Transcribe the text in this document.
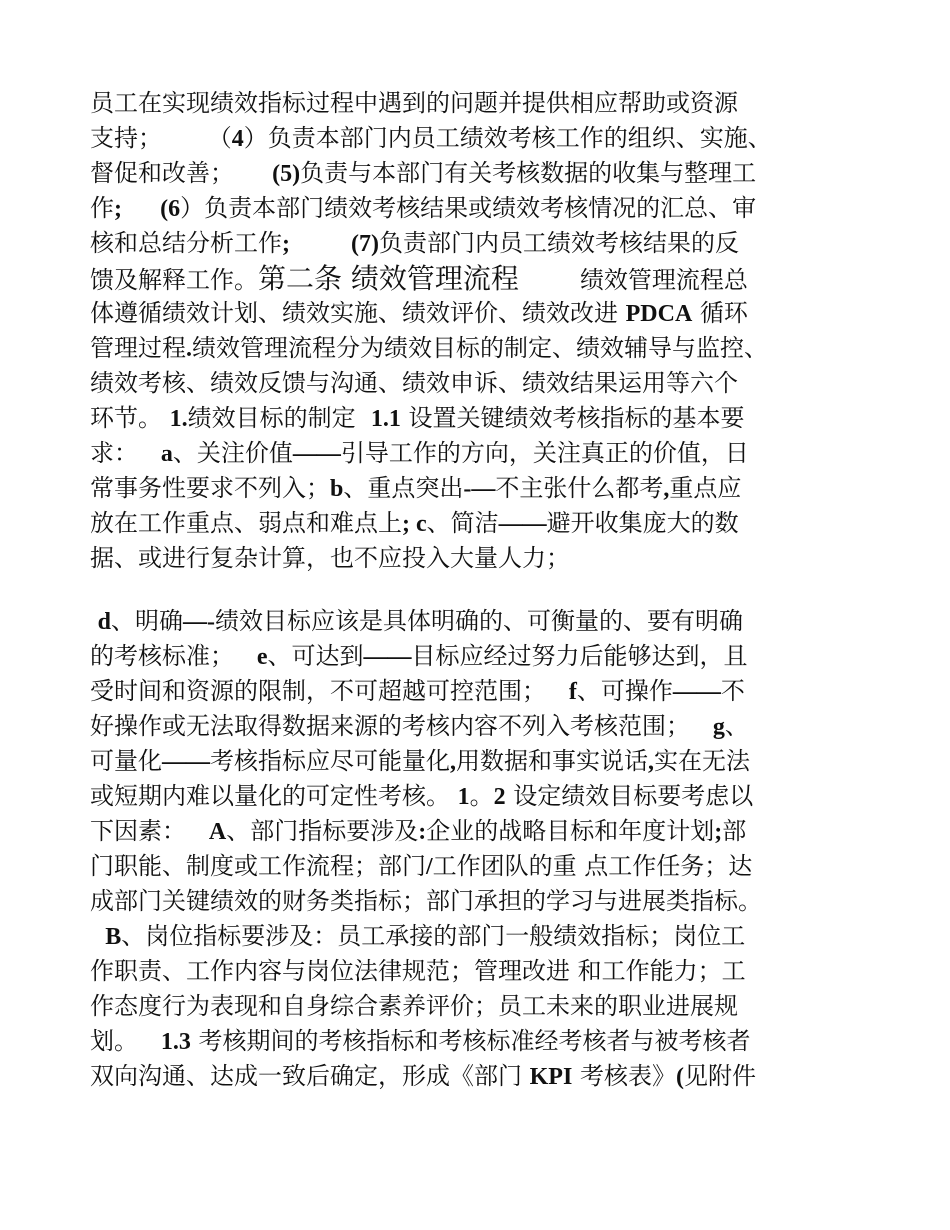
员工在实现绩效指标过程中遇到的问题并提供相应帮助或资源
支持；      （4）负责本部门内员工绩效考核工作的组织、实施、
督促和改善；     (5)负责与本部门有关考核数据的收集与整理工
作; (6）负责本部门绩效考核结果或绩效考核情况的汇总、审
核和总结分析工作;	(7)负责部门内员工绩效考核结果的反
馈及解释工作。第二条 绩效管理流程        绩效管理流程总
体遵循绩效计划、绩效实施、绩效评价、绩效改进 PDCA 循环
管理过程.绩效管理流程分为绩效目标的制定、绩效辅导与监控、
绩效考核、绩效反馈与沟通、绩效申诉、绩效结果运用等六个
环节。 1.绩效目标的制定  1.1 设置关键绩效考核指标的基本要
求：   a、关注价值——引导工作的方向，关注真正的价值，日
常事务性要求不列入；b、重点突出-—不主张什么都考,重点应
放在工作重点、弱点和难点上; c、简洁——避开收集庞大的数
据、或进行复杂计算，也不应投入大量人力；
d、明确—-绩效目标应该是具体明确的、可衡量的、要有明确
的考核标准；   e、可达到——目标应经过努力后能够达到，且
受时间和资源的限制，不可超越可控范围；   f、可操作——不
好操作或无法取得数据来源的考核内容不列入考核范围；   g、
可量化——考核指标应尽可能量化,用数据和事实说话,实在无法
或短期内难以量化的可定性考核。 1。2 设定绩效目标要考虑以
下因素：   A、部门指标要涉及:企业的战略目标和年度计划;部
门职能、制度或工作流程；部门/工作团队的重 点工作任务；达
成部门关键绩效的财务类指标；部门承担的学习与进展类指标。
B、岗位指标要涉及：员工承接的部门一般绩效指标；岗位工
作职责、工作内容与岗位法律规范；管理改进 和工作能力；工
作态度行为表现和自身综合素养评价；员工未来的职业进展规
划。   1.3 考核期间的考核指标和考核标准经考核者与被考核者
双向沟通、达成一致后确定，形成《部门 KPI 考核表》(见附件
